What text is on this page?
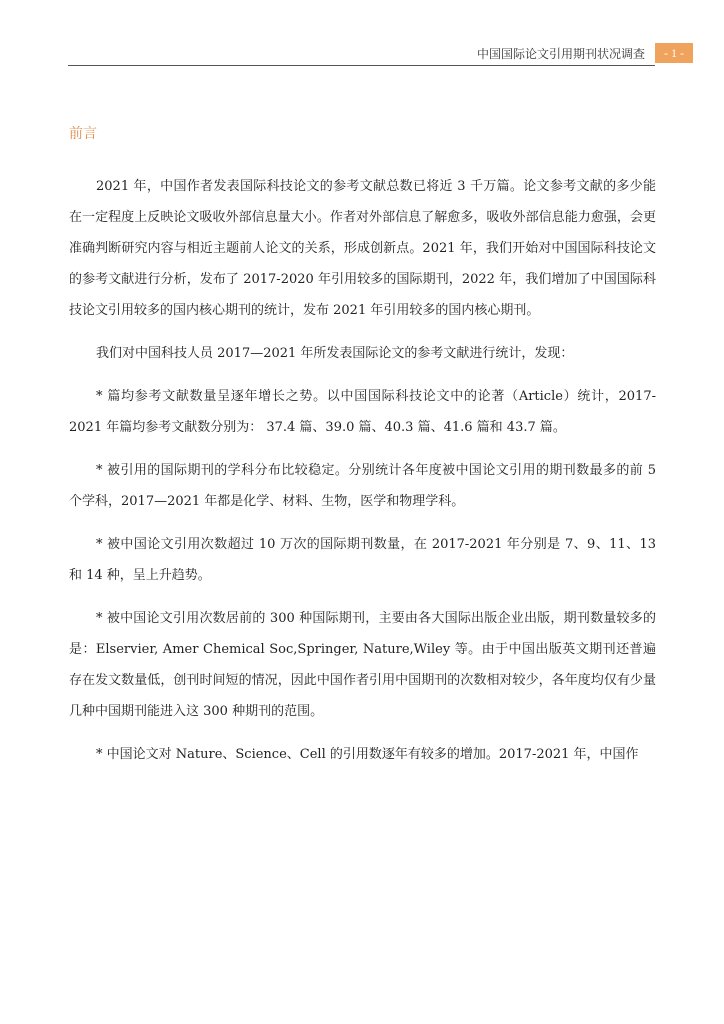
中国国际论文引用期刊状况调查	- 1 -
前言

2021 年，中国作者发表国际科技论文的参考文献总数已将近 3 千万篇。论文参考文献的多少能在一定程度上反映论文吸收外部信息量大小。作者对外部信息了解愈多，吸收外部信息能力愈强，会更准确判断研究内容与相近主题前人论文的关系，形成创新点。2021 年，我们开始对中国国际科技论文的参考文献进行分析，发布了 2017-2020 年引用较多的国际期刊，2022 年，我们增加了中国国际科技论文引用较多的国内核心期刊的统计，发布 2021 年引用较多的国内核心期刊。

我们对中国科技人员 2017—2021 年所发表国际论文的参考文献进行统计，发现：

* 篇均参考文献数量呈逐年增长之势。以中国国际科技论文中的论著（Article）统计，2017-2021 年篇均参考文献数分别为： 37.4 篇、39.0 篇、40.3 篇、41.6 篇和 43.7 篇。

* 被引用的国际期刊的学科分布比较稳定。分别统计各年度被中国论文引用的期刊数最多的前 5 个学科，2017—2021 年都是化学、材料、生物，医学和物理学科。

* 被中国论文引用次数超过 10 万次的国际期刊数量，在 2017-2021 年分别是 7、9、11、13 和 14 种，呈上升趋势。

* 被中国论文引用次数居前的 300 种国际期刊，主要由各大国际出版企业出版，期刊数量较多的是：Elservier, Amer Chemical Soc,Springer, Nature,Wiley 等。由于中国出版英文期刊还普遍存在发文数量低，创刊时间短的情况，因此中国作者引用中国期刊的次数相对较少，各年度均仅有少量几种中国期刊能进入这 300 种期刊的范围。

* 中国论文对 Nature、Science、Cell 的引用数逐年有较多的增加。2017-2021 年，中国作
